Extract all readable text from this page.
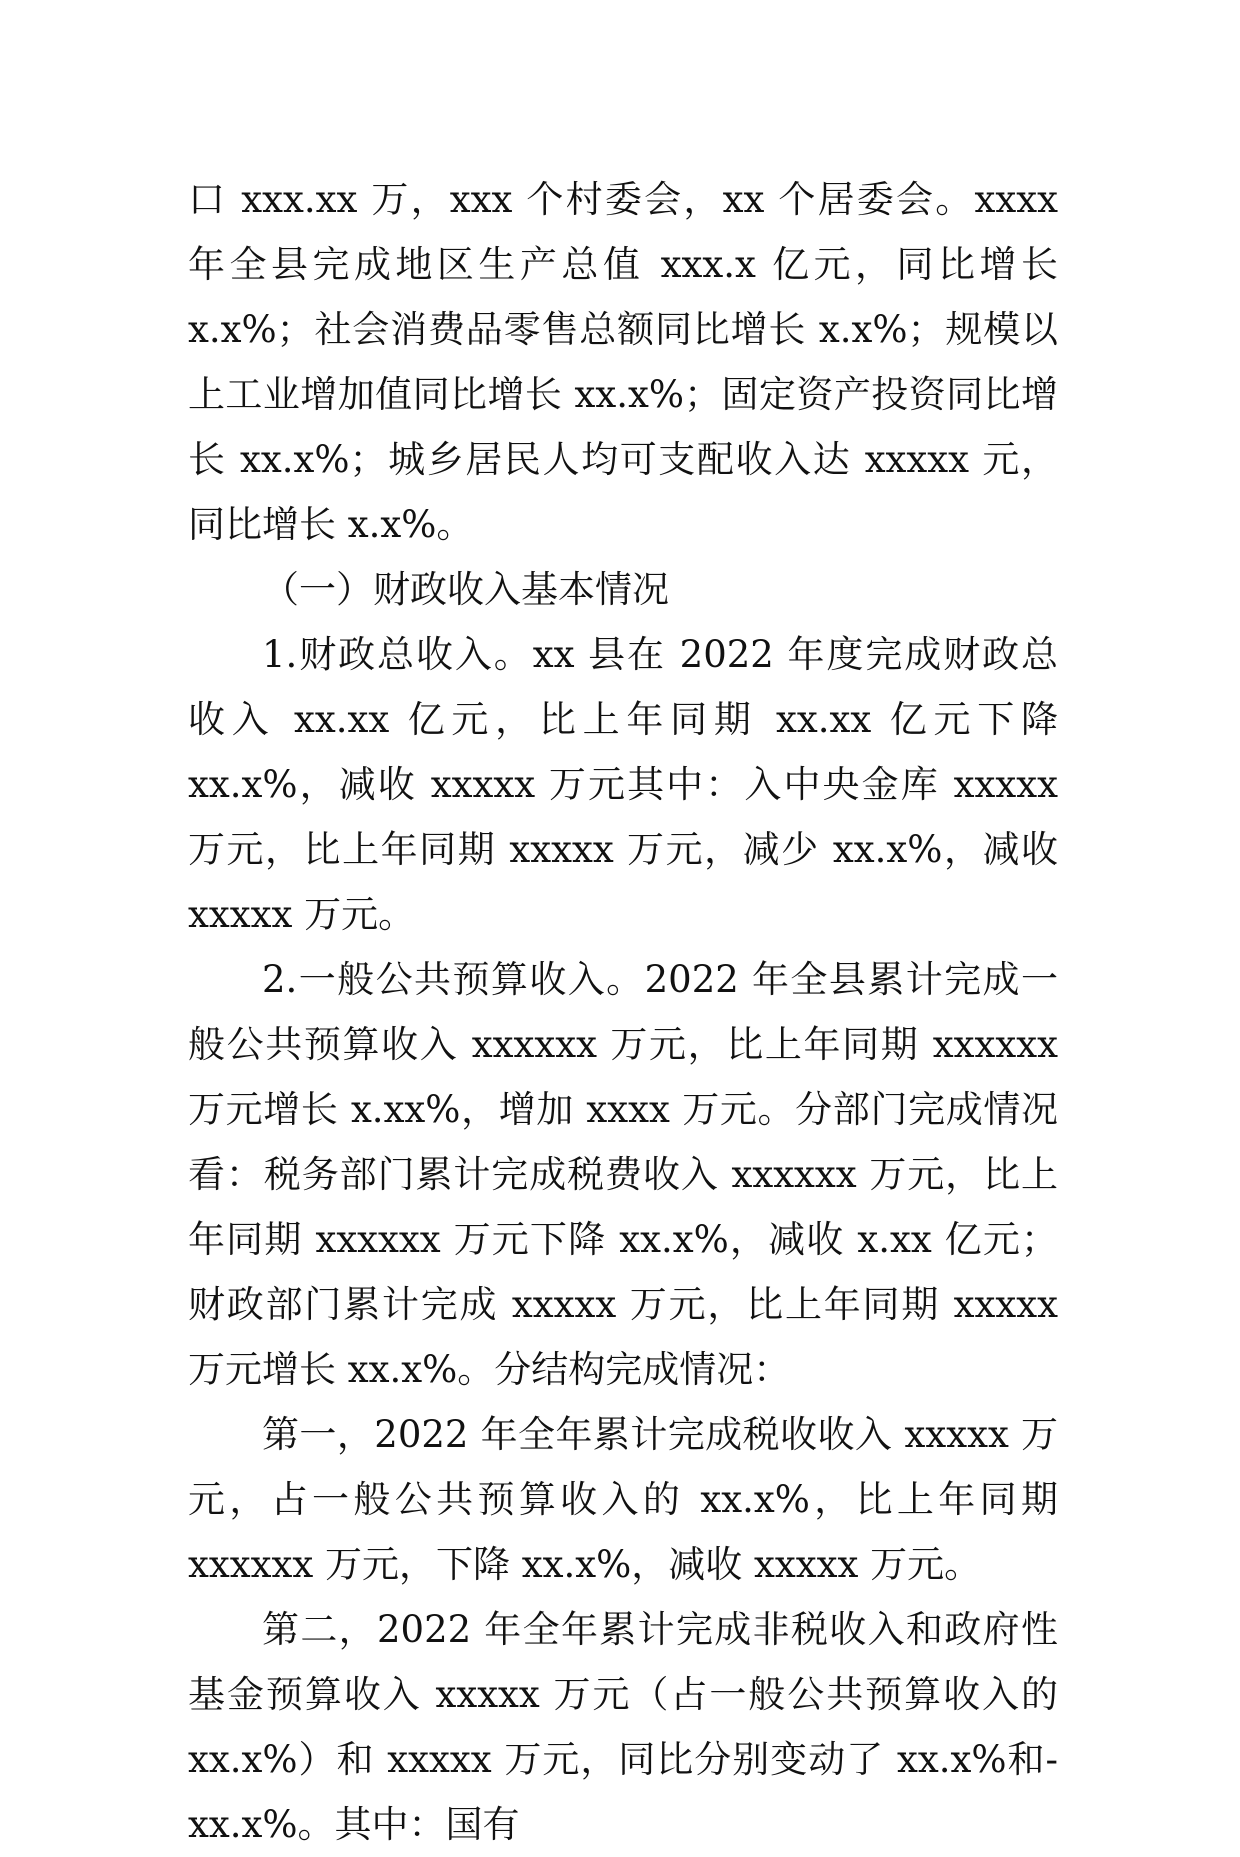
口 xxx.xx 万，xxx 个村委会，xx 个居委会。xxxx 年全县完成地区生产总值 xxx.x 亿元，同比增长 x.x%；社会消费品零售总额同比增长 x.x%；规模以上工业增加值同比增长 xx.x%；固定资产投资同比增长 xx.x%；城乡居民人均可支配收入达 xxxxx 元，同比增长 x.x%。

（一）财政收入基本情况

1.财政总收入。xx 县在 2022 年度完成财政总收入 xx.xx 亿元，比上年同期 xx.xx 亿元下降 xx.x%，减收 xxxxx 万元其中：入中央金库 xxxxx 万元，比上年同期 xxxxx 万元，减少 xx.x%，减收 xxxxx 万元。

2.一般公共预算收入。2022 年全县累计完成一般公共预算收入 xxxxxx 万元，比上年同期 xxxxxx 万元增长 x.xx%，增加 xxxx 万元。分部门完成情况看：税务部门累计完成税费收入 xxxxxx 万元，比上年同期 xxxxxx 万元下降 xx.x%，减收 x.xx 亿元；财政部门累计完成 xxxxx 万元，比上年同期 xxxxx 万元增长 xx.x%。分结构完成情况：

第一，2022 年全年累计完成税收收入 xxxxx 万元，占一般公共预算收入的 xx.x%，比上年同期 xxxxxx 万元，下降 xx.x%，减收 xxxxx 万元。

第二，2022 年全年累计完成非税收入和政府性基金预算收入 xxxxx 万元（占一般公共预算收入的 xx.x%）和 xxxxx 万元，同比分别变动了 xx.x%和-xx.x%。其中：国有
